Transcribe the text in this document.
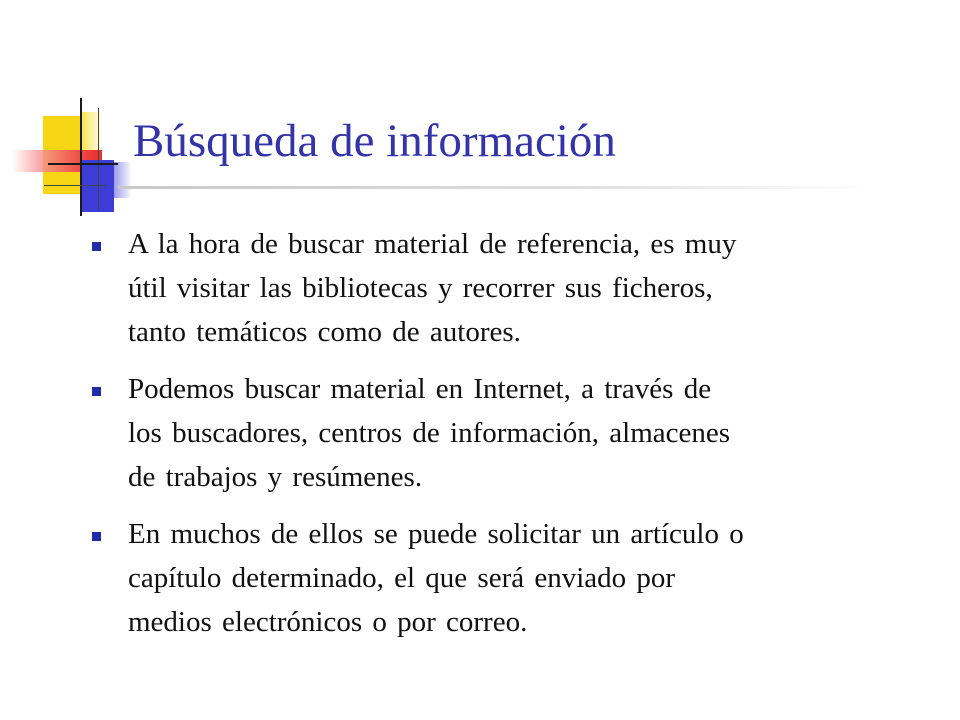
Búsqueda de información
A la hora de buscar material de referencia, es muy
útil visitar las bibliotecas y recorrer sus ficheros,
tanto temáticos como de autores.
Podemos buscar material en Internet, a través de
los buscadores, centros de información, almacenes
de trabajos y resúmenes.
En muchos de ellos se puede solicitar un artículo o
capítulo determinado, el que será enviado por
medios electrónicos o por correo.
